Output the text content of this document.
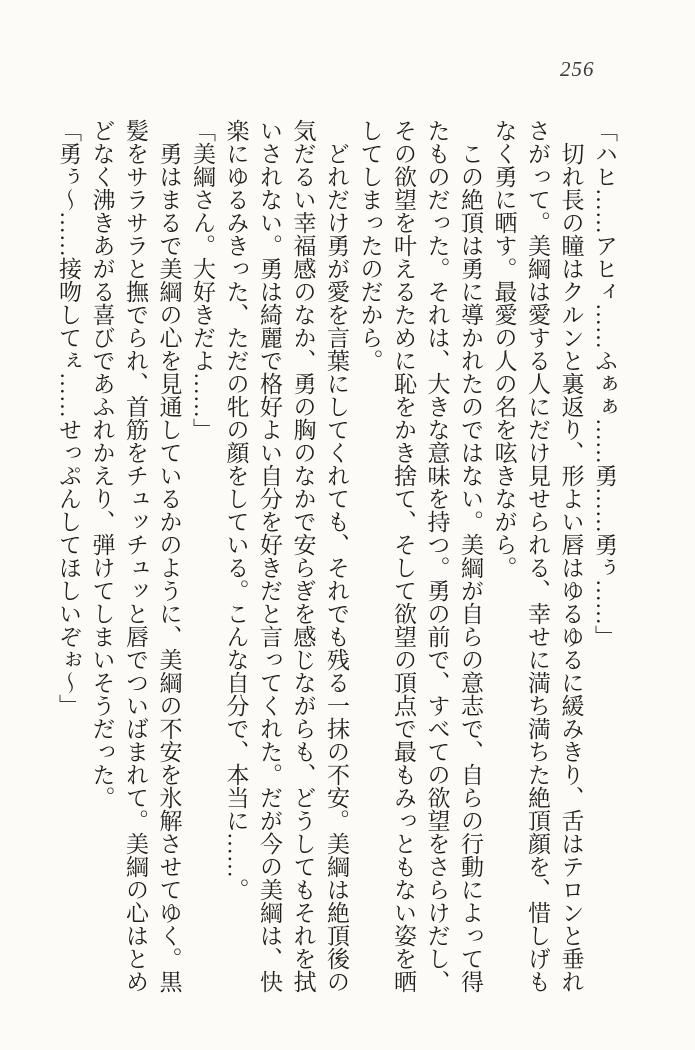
256

「ハヒ……アヒィ……ふぁぁ……勇……勇ぅ……」

切れ長の瞳はクルンと裏返り、形よい唇はゆるゆるに緩みきり、舌はテロンと垂れさがって。美綱は愛する人にだけ見せられる、幸せに満ち満ちた絶頂顔を、惜しげもなく勇に晒す。最愛の人の名を呟きながら。

この絶頂は勇に導かれたのではない。美綱が自らの意志で、自らの行動によって得たものだった。それは、大きな意味を持つ。勇の前で、すべての欲望をさらけだし、その欲望を叶えるために恥をかき捨て、そして欲望の頂点で最もみっともない姿を晒してしまったのだから。

どれだけ勇が愛を言葉にしてくれても、それでも残る一抹の不安。美綱は絶頂後の気だるい幸福感のなか、勇の胸のなかで安らぎを感じながらも、どうしてもそれを拭いされない。勇は綺麗で格好よい自分を好きだと言ってくれた。だが今の美綱は、快楽にゆるみきった、ただの牝の顔をしている。こんな自分で、本当に……。

「美綱さん。大好きだよ……」

勇はまるで美綱の心を見通しているかのように、美綱の不安を氷解させてゆく。黒髪をサラサラと撫でられ、首筋をチュッチュッと唇でついばまれて。美綱の心はとめどなく沸きあがる喜びであふれかえり、弾けてしまいそうだった。

「勇ぅ〜……接吻してぇ……せっぷんしてほしいぞぉ〜」
